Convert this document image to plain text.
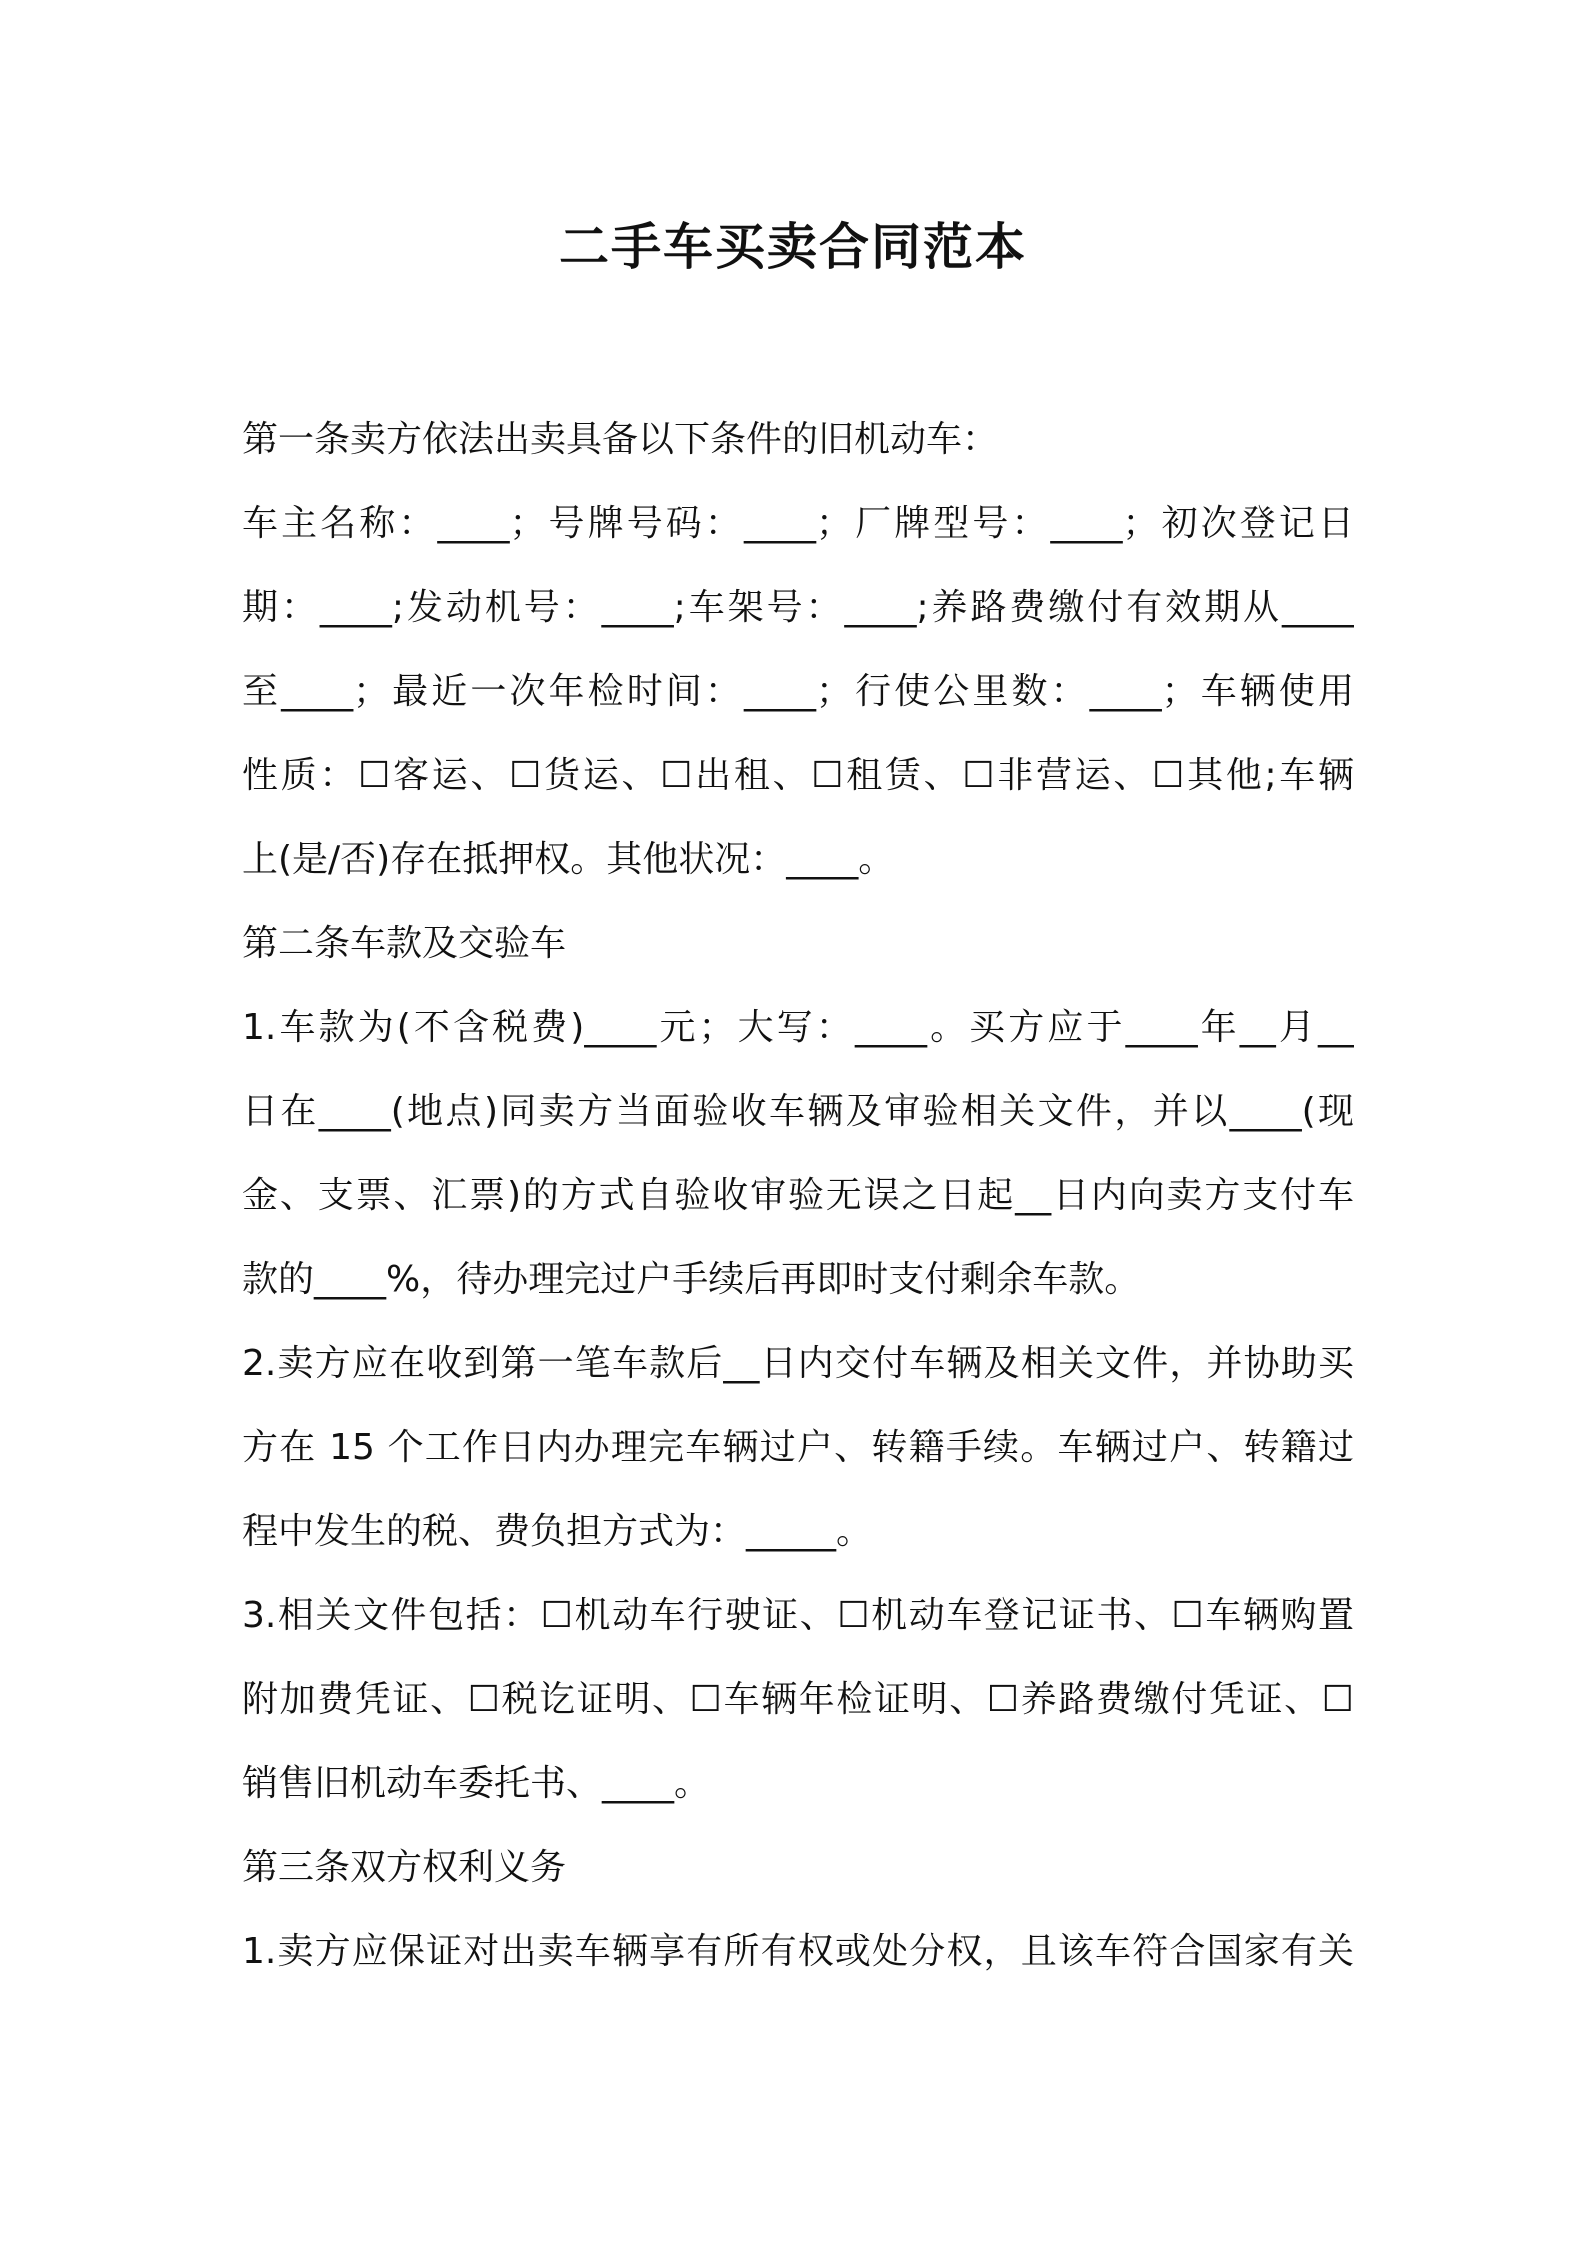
二手车买卖合同范本
第一条卖方依法出卖具备以下条件的旧机动车：
车主名称：____；号牌号码：____；厂牌型号：____；初次登记日
期：____;发动机号：____;车架号：____;养路费缴付有效期从____
至____；最近一次年检时间：____；行使公里数：____；车辆使用
性质：☐客运、☐货运、☐出租、☐租赁、☐非营运、☐其他;车辆
上(是/否)存在抵押权。其他状况：____。
第二条车款及交验车
1.车款为(不含税费)____元；大写：____。买方应于____年__月__
日在____(地点)同卖方当面验收车辆及审验相关文件，并以____(现
金、支票、汇票)的方式自验收审验无误之日起__日内向卖方支付车
款的____%，待办理完过户手续后再即时支付剩余车款。
2.卖方应在收到第一笔车款后__日内交付车辆及相关文件，并协助买
方在 15 个工作日内办理完车辆过户、转籍手续。车辆过户、转籍过
程中发生的税、费负担方式为：_____。
3.相关文件包括：☐机动车行驶证、☐机动车登记证书、☐车辆购置
附加费凭证、☐税讫证明、☐车辆年检证明、☐养路费缴付凭证、☐
销售旧机动车委托书、____。
第三条双方权利义务
1.卖方应保证对出卖车辆享有所有权或处分权，且该车符合国家有关
